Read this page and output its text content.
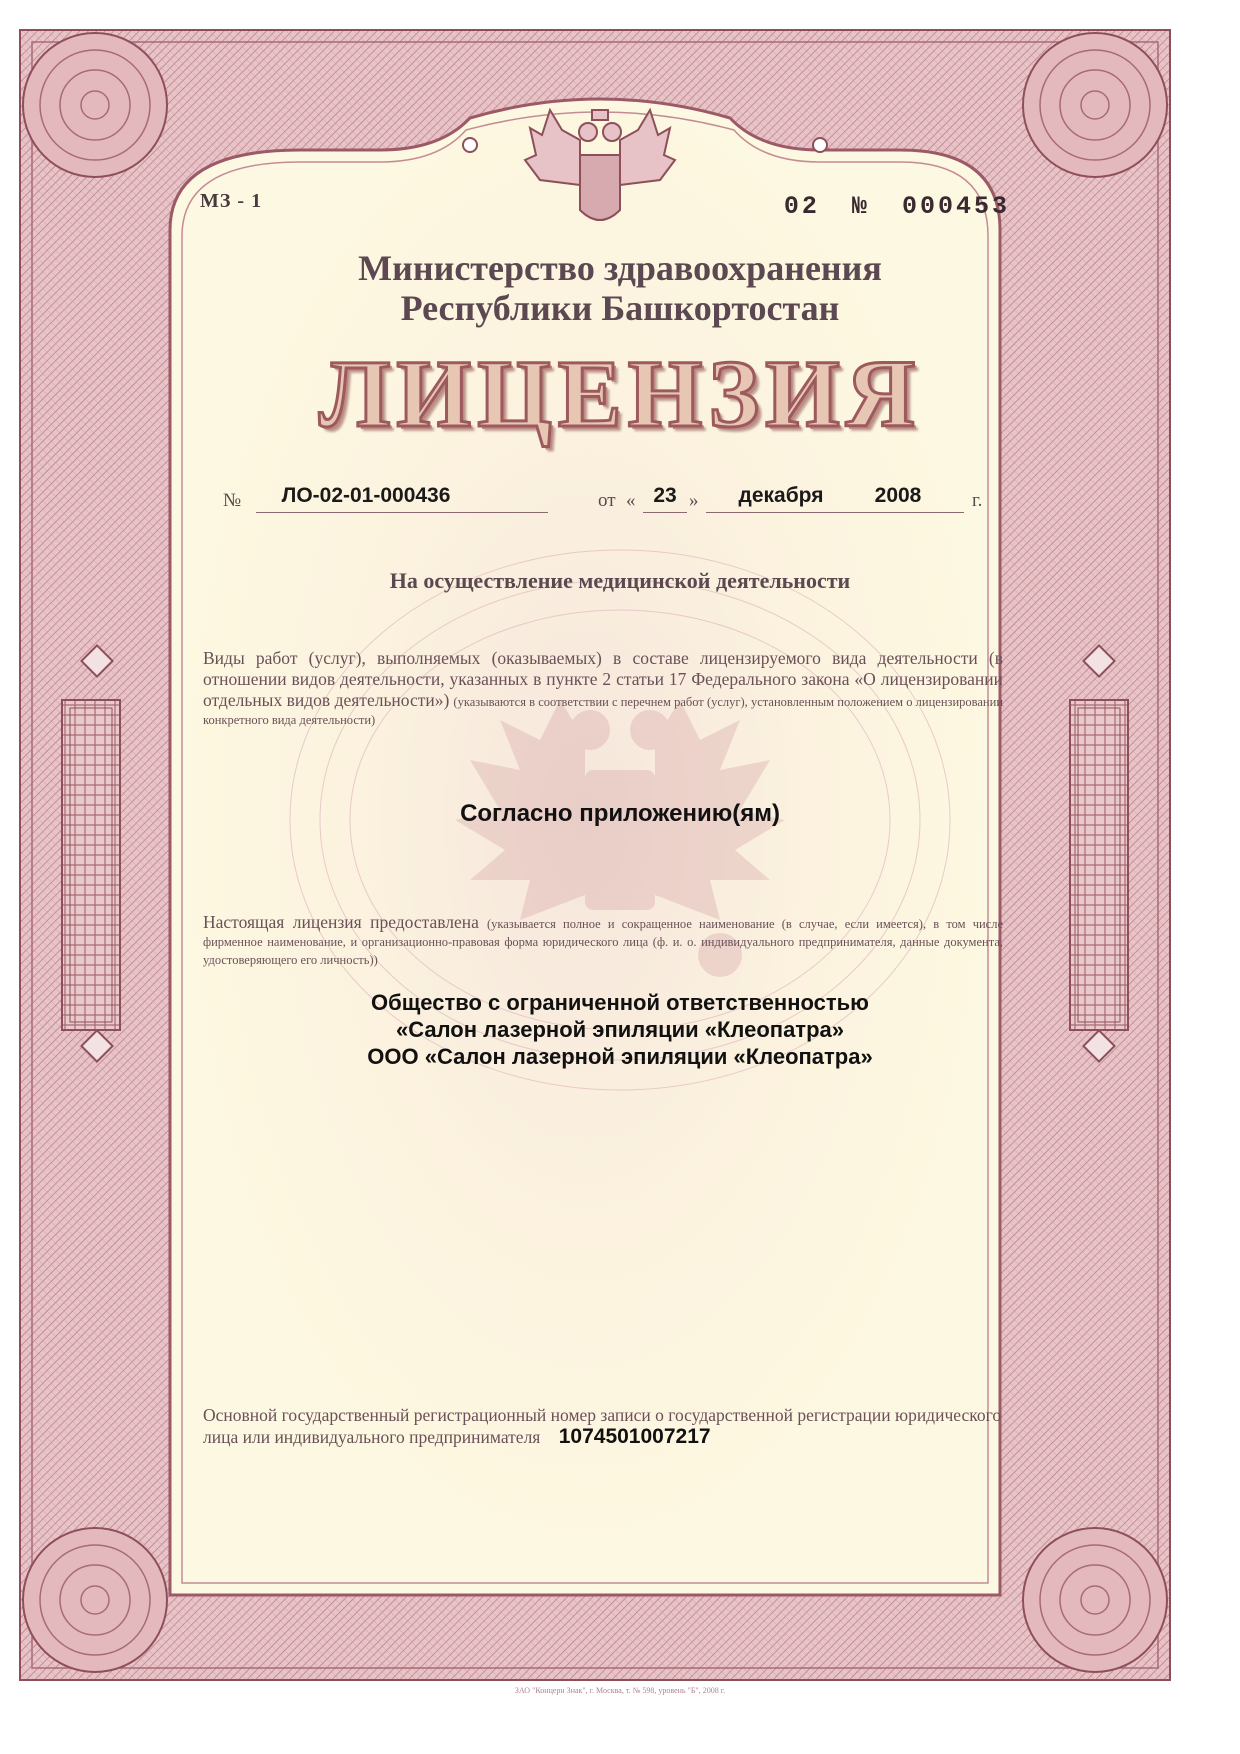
МЗ - 1	02 № 000453
Министерство здравоохранения
Республики Башкортостан
ЛИЦЕНЗИЯ
№	ЛО-02-01-000436	от « 23 »	декабря	2008	г.
На осуществление медицинской деятельности
Виды работ (услуг), выполняемых (оказываемых) в составе лицензируемого вида деятельности (в отношении видов деятельности, указанных в пункте 2 статьи 17 Федерального закона «О лицензировании отдельных видов деятельности») (указываются в соответствии с перечнем работ (услуг), установленным положением о лицензировании конкретного вида деятельности)
Согласно приложению(ям)
Настоящая лицензия предоставлена (указывается полное и сокращенное наименование (в случае, если имеется), в том числе фирменное наименование, и организационно-правовая форма юридического лица (ф. и. о. индивидуального предпринимателя, данные документа, удостоверяющего его личность))
Общество с ограниченной ответственностью
«Салон лазерной эпиляции «Клеопатра»
ООО «Салон лазерной эпиляции «Клеопатра»
Основной государственный регистрационный номер записи о государственной регистрации юридического лица или индивидуального предпринимателя 1074501007217
ЗАО "Концерн Знак", г. Москва, т. № 598, уровень "Б", 2008 г.
